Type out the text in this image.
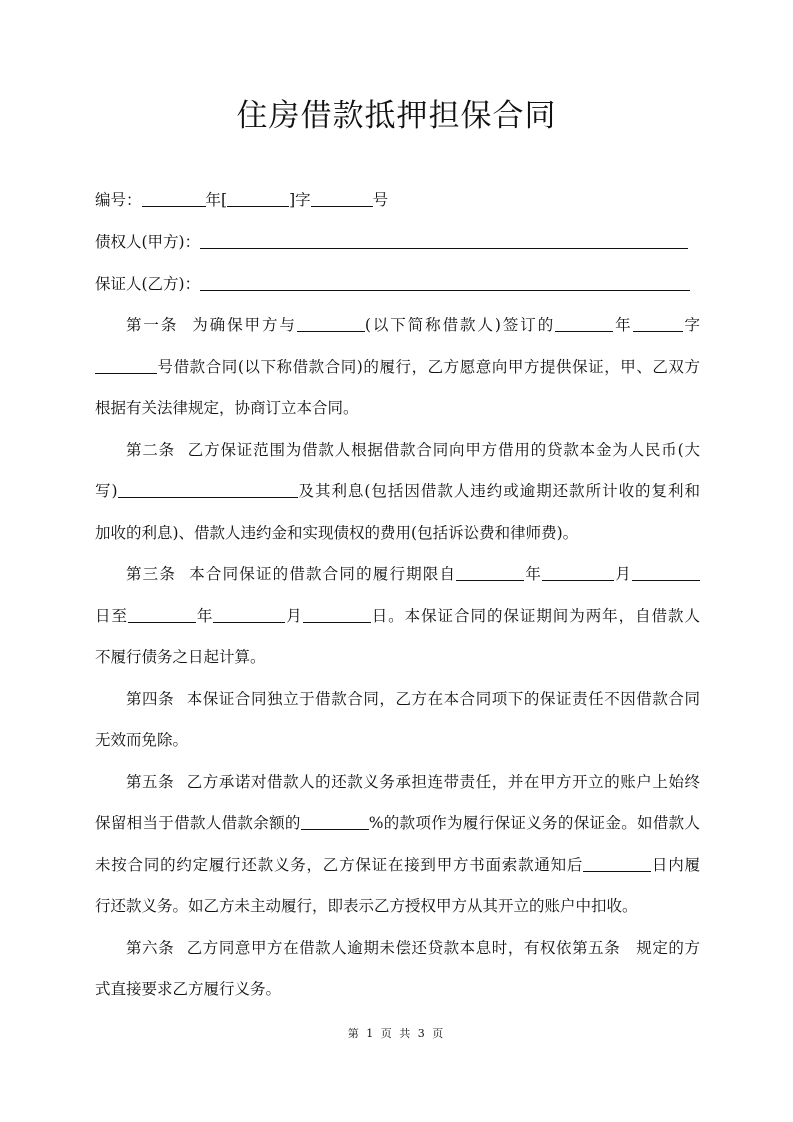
住房借款抵押担保合同
编号：	年[	]字	号
债权人(甲方)：
保证人(乙方)：
第一条 为确保甲方与	(以下简称借款人)签订的	年	字
号借款合同(以下称借款合同)的履行，乙方愿意向甲方提供保证，甲、乙双方
根据有关法律规定，协商订立本合同。
第二条 乙方保证范围为借款人根据借款合同向甲方借用的贷款本金为人民币(大
写)	及其利息(包括因借款人违约或逾期还款所计收的复利和
加收的利息)、借款人违约金和实现债权的费用(包括诉讼费和律师费)。
第三条 本合同保证的借款合同的履行期限自	年	月
日至	年	月	日。本保证合同的保证期间为两年，自借款人
不履行债务之日起计算。
第四条 本保证合同独立于借款合同，乙方在本合同项下的保证责任不因借款合同
无效而免除。
第五条 乙方承诺对借款人的还款义务承担连带责任，并在甲方开立的账户上始终
保留相当于借款人借款余额的	%的款项作为履行保证义务的保证金。如借款人
未按合同的约定履行还款义务，乙方保证在接到甲方书面索款通知后	日内履
行还款义务。如乙方未主动履行，即表示乙方授权甲方从其开立的账户中扣收。
第六条 乙方同意甲方在借款人逾期未偿还贷款本息时，有权依第五条　规定的方
式直接要求乙方履行义务。
第 1 页 共 3 页
